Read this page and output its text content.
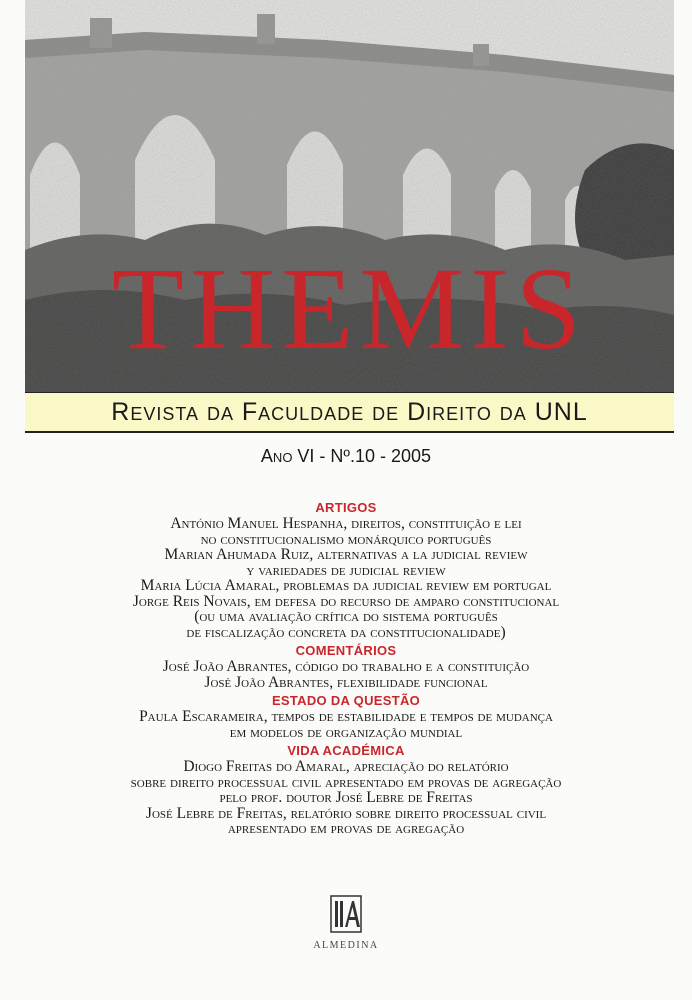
THEMIS
Revista da Faculdade de Direito da UNL
Ano VI - Nº.10 - 2005
ARTIGOS
António Manuel Hespanha, direitos, constituição e lei
no constitucionalismo monárquico português
Marian Ahumada Ruiz, alternativas a la judicial review
y variedades de judicial review
Maria Lúcia Amaral, problemas da judicial review em portugal
Jorge Reis Novais, em defesa do recurso de amparo constitucional
(ou uma avaliação crítica do sistema português
de fiscalização concreta da constitucionalidade)
COMENTÁRIOS
José João Abrantes, código do trabalho e a constituição
José João Abrantes, flexibilidade funcional
ESTADO DA QUESTÃO
Paula Escarameira, tempos de estabilidade e tempos de mudança
em modelos de organização mundial
VIDA ACADÉMICA
Diogo Freitas do Amaral, apreciação do relatório
sobre direito processual civil apresentado em provas de agregação
pelo prof. doutor José Lebre de Freitas
José Lebre de Freitas, relatório sobre direito processual civil
apresentado em provas de agregação
ALMEDINA
